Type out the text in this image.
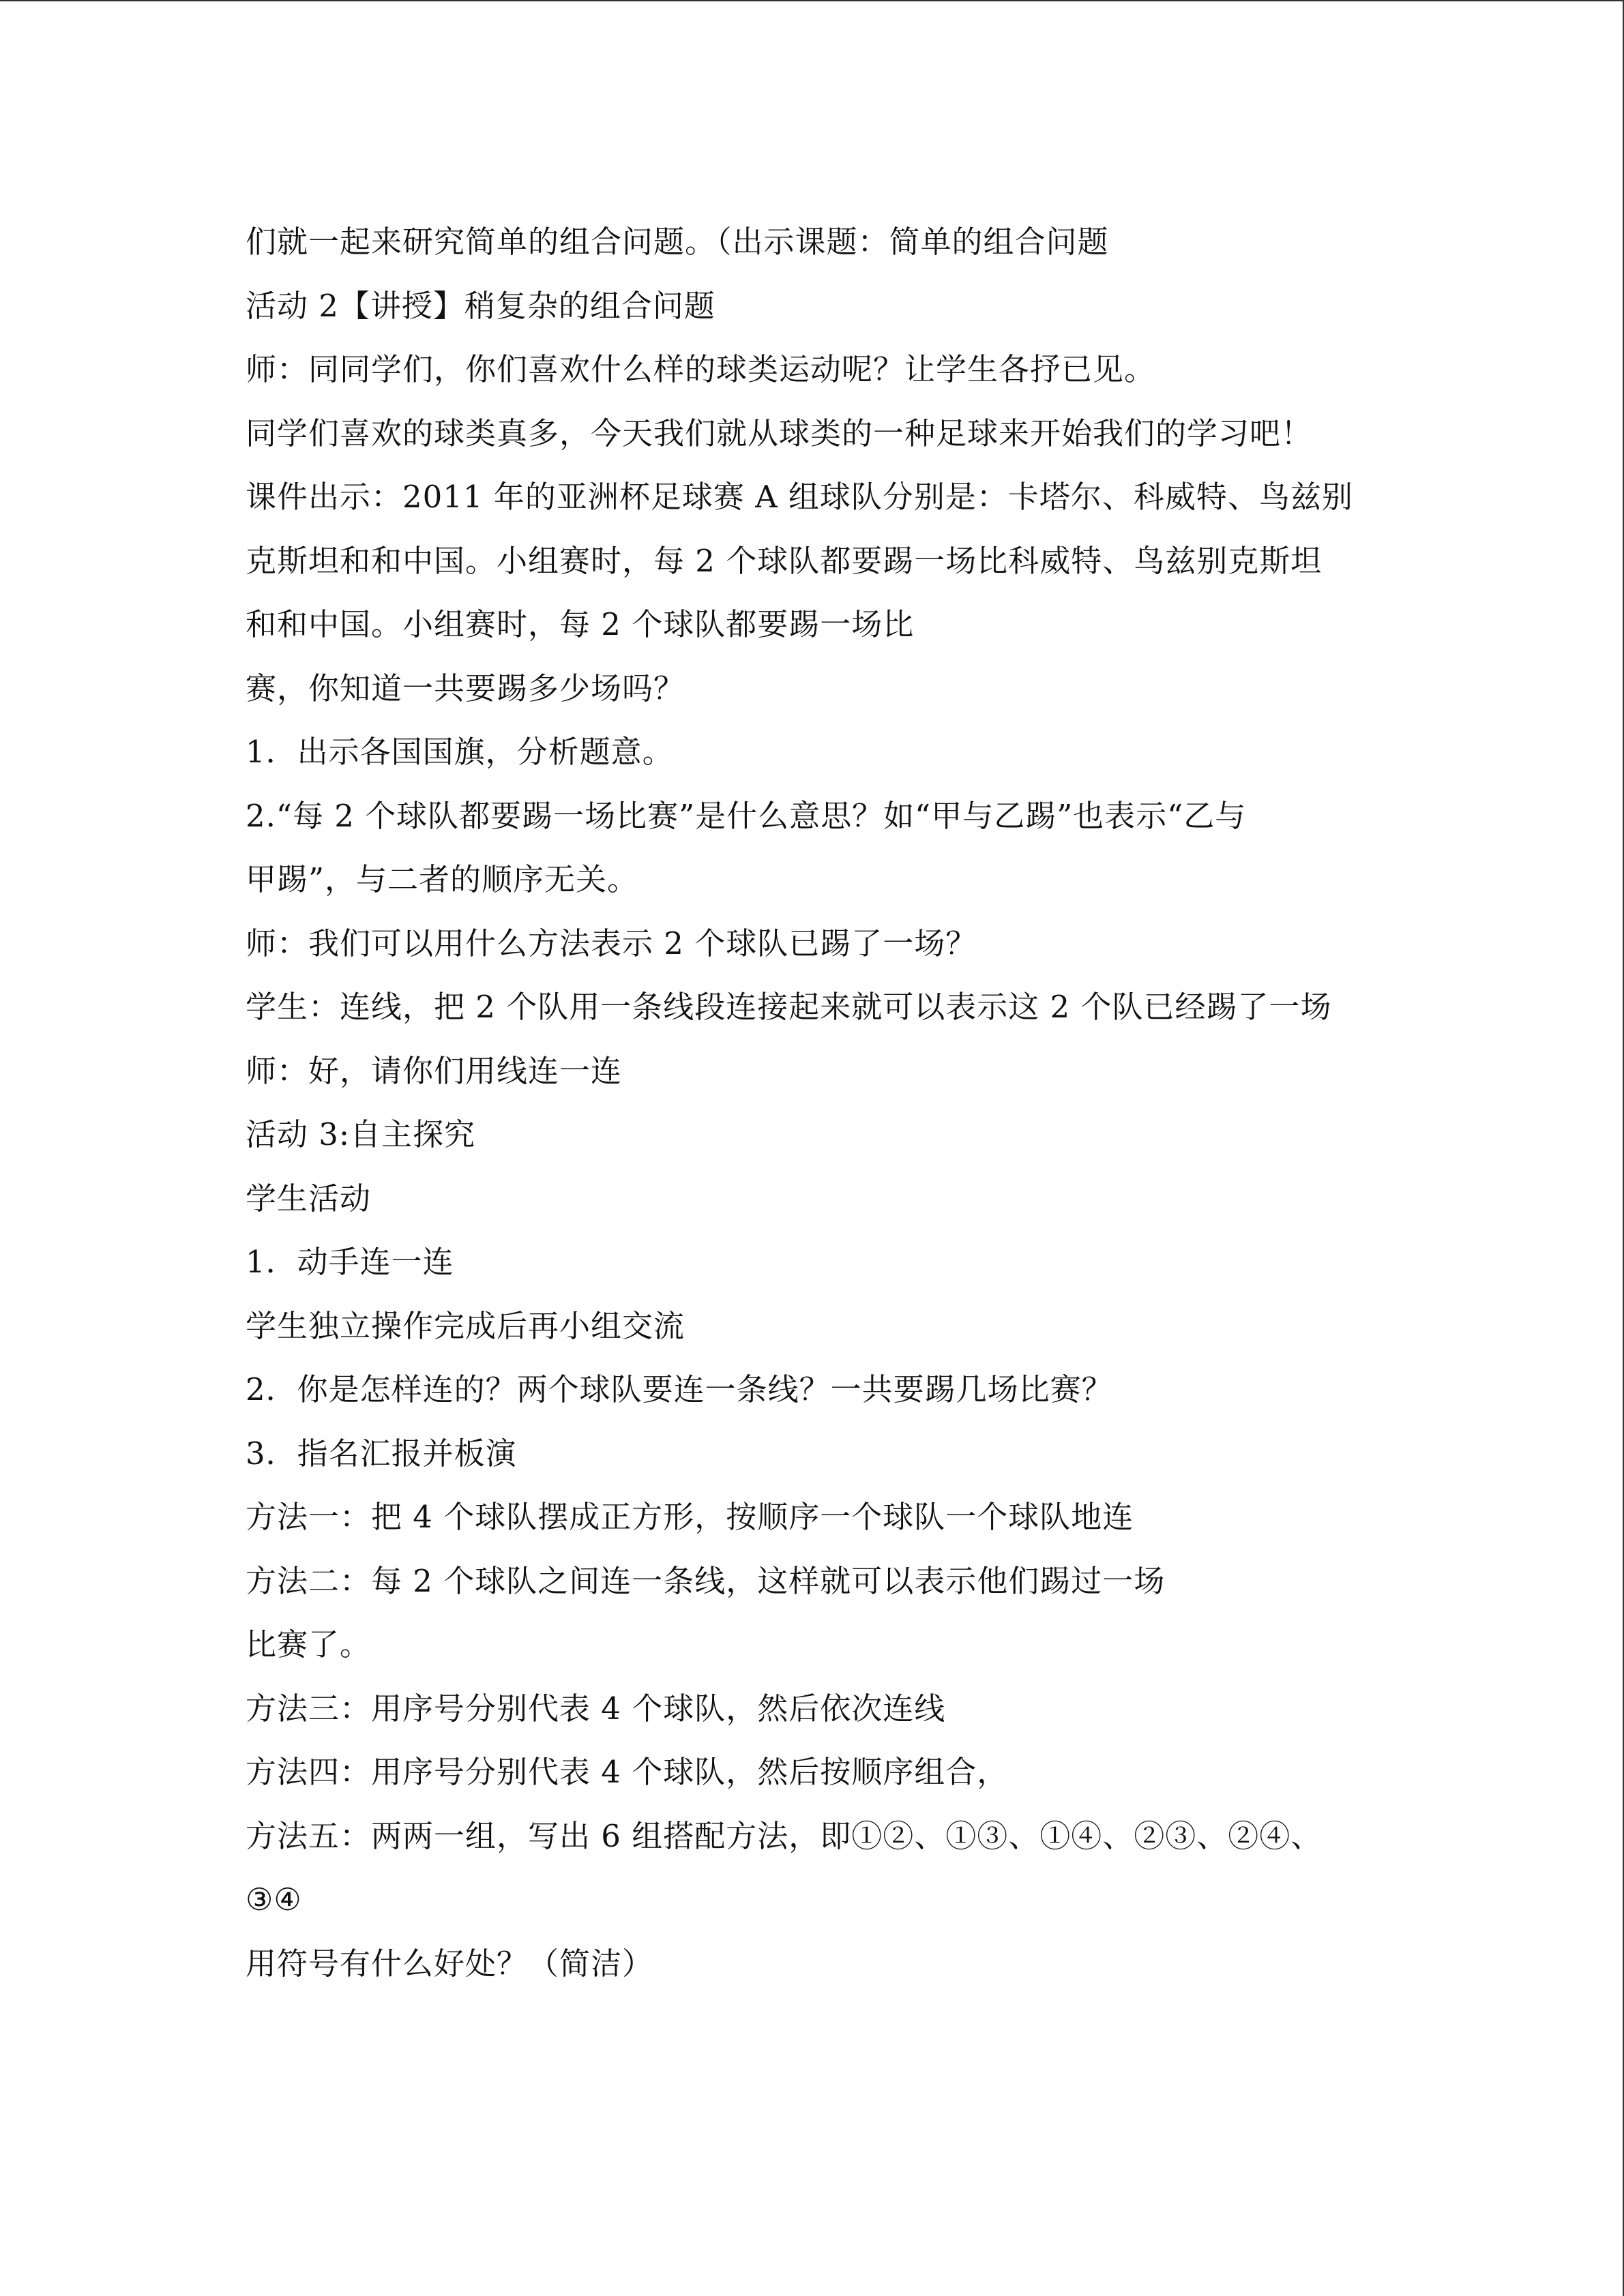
们就一起来研究简单的组合问题。（出示课题：简单的组合问题
活动 2【讲授】稍复杂的组合问题
师：同同学们，你们喜欢什么样的球类运动呢？让学生各抒已见。
同学们喜欢的球类真多，今天我们就从球类的一种足球来开始我们的学习吧！
课件出示：2011 年的亚洲杯足球赛 A 组球队分别是：卡塔尔、科威特、鸟兹别
克斯坦和和中国。小组赛时，每 2 个球队都要踢一场比科威特、鸟兹别克斯坦
和和中国。小组赛时，每 2 个球队都要踢一场比
赛，你知道一共要踢多少场吗？
1．出示各国国旗，分析题意。
2.“每 2 个球队都要踢一场比赛”是什么意思？如“甲与乙踢”也表示“乙与
甲踢”，与二者的顺序无关。
师：我们可以用什么方法表示 2 个球队已踢了一场？
学生：连线，把 2 个队用一条线段连接起来就可以表示这 2 个队已经踢了一场
师：好，请你们用线连一连
活动 3:自主探究
学生活动
1．动手连一连
学生独立操作完成后再小组交流
2．你是怎样连的？两个球队要连一条线？一共要踢几场比赛？
3．指名汇报并板演
方法一：把 4 个球队摆成正方形，按顺序一个球队一个球队地连
方法二：每 2 个球队之间连一条线，这样就可以表示他们踢过一场
比赛了。
方法三：用序号分别代表 4 个球队，然后依次连线
方法四：用序号分别代表 4 个球队，然后按顺序组合，
方法五：两两一组，写出 6 组搭配方法，即①②、①③、①④、②③、②④、
③④
用符号有什么好处？（简洁）
